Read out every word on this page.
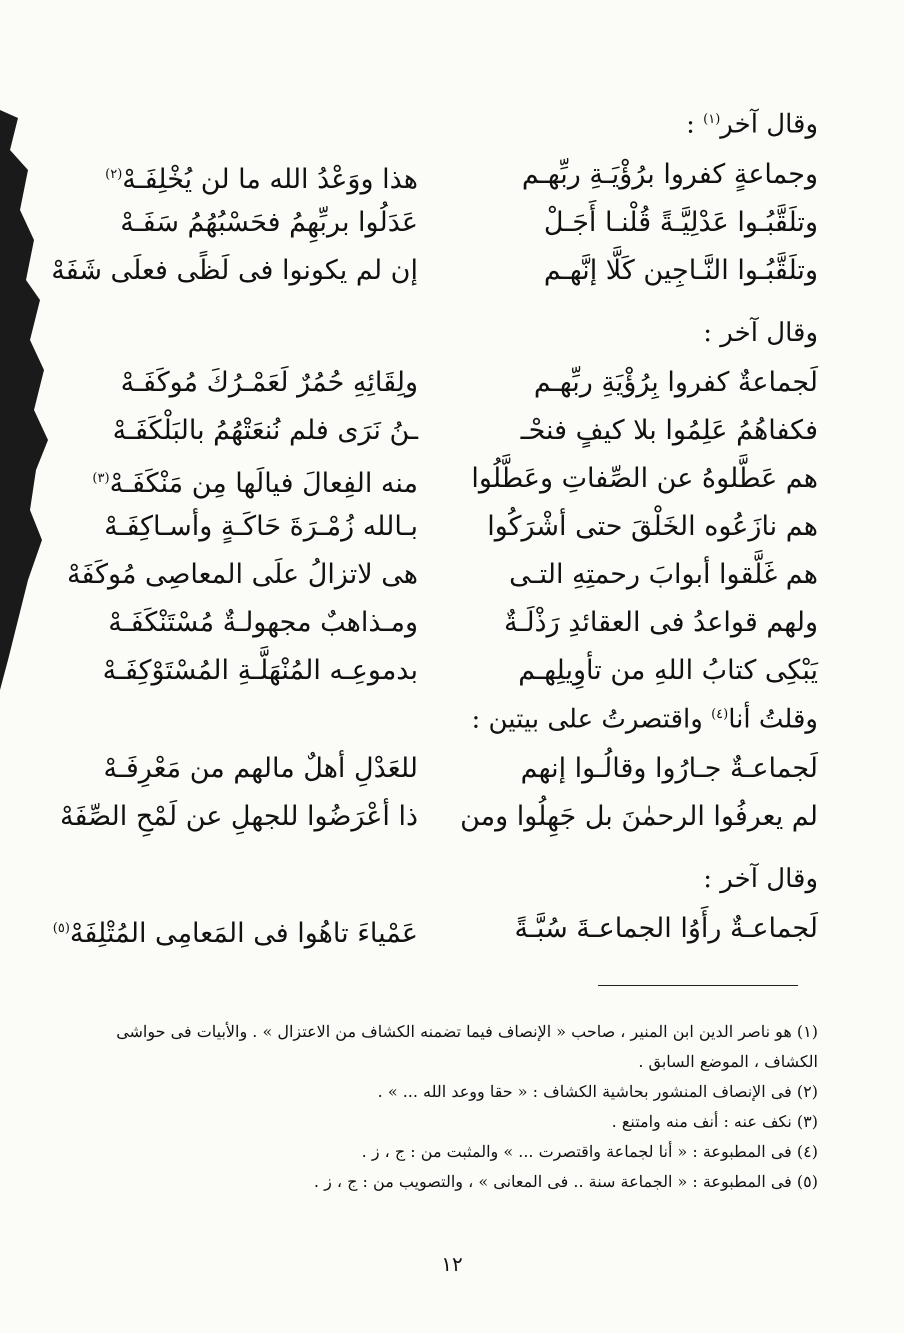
وقال آخر$^{(١)}$ :

وجماعةٍ كفروا برُؤْيَـةِ ربِّهـم
هذا ووَعْدُ الله ما لن يُخْلِفَـهْ$^{(٢)}$
وتلَقَّبُـوا عَدْلِيَّـةً قُلْنـا أَجَـلْ
عَدَلُوا بربِّهِمُ فحَسْبُهُمُ سَفَـهْ
وتلَقَّبُـوا النَّـاجِين كَلَّا إنَّهـم
إن لم يكونوا فى لَظًى فعلَى شَفَهْ

وقال آخر :

لَجماعةٌ كفروا بِرُؤْيَةِ ربِّهـم
ولِقَائِهِ حُمُرٌ لَعَمْـرُكَ مُوكَفَـهْ
فكفاهُمُ عَلِمُوا بلا كيفٍ فنحْـ
ـنُ نَرَى فلم نُنعَتْهُمُ بالبَلْكَفَـهْ
هم عَطَّلوهُ عن الصِّفاتِ وعَطَّلُوا
منه الفِعالَ فيالَها مِن مَنْكَفَـهْ$^{(٣)}$
هم نازَعُوه الخَلْقَ حتى أشْرَكُوا
بـالله زُمْـرَةَ حَاكَـةٍ وأسـاكِفَـهْ
هم غَلَّقوا أبوابَ رحمتِهِ التـى
هى لاتزالُ علَى المعاصِى مُوكَفَهْ
ولهم قواعدُ فى العقائدِ رَذْلَـةٌ
ومـذاهبٌ مجهولـةٌ مُسْتَنْكَفَـهْ
يَبْكِى كتابُ اللهِ من تأوِيلِهـم
بدموعِـه المُنْهَلَّـةِ المُسْتَوْكِفَـهْ

وقلتُ أنا$^{(٤)}$ واقتصرتُ على بيتين :

لَجماعـةٌ جـارُوا وقالُـوا إنهم
للعَدْلِ أهلٌ مالهم من مَعْرِفَـهْ
لم يعرفُوا الرحمٰنَ بل جَهِلُوا ومن
ذا أعْرَضُوا للجهلِ عن لَمْحِ الصِّفَهْ

وقال آخر :

لَجماعـةٌ رأَوُا الجماعـةَ سُبَّـةً
عَمْياءَ تاهُوا فى المَعامِى المُتْلِفَهْ$^{(٥)}$

(١) هو ناصر الدين ابن المنير ، صاحب « الإنصاف فيما تضمنه الكشاف من الاعتزال » . والأبيات فى حواشى الكشاف ، الموضع السابق .

(٢) فى الإنصاف المنشور بحاشية الكشاف : « حقا ووعد الله ... » .

(٣) نكف عنه : أنف منه وامتنع .

(٤) فى المطبوعة : « أنا لجماعة واقتصرت ... » والمثبت من : ج ، ز .

(٥) فى المطبوعة : « الجماعة سنة .. فى المعانى » ، والتصويب من : ج ، ز .

١٢
